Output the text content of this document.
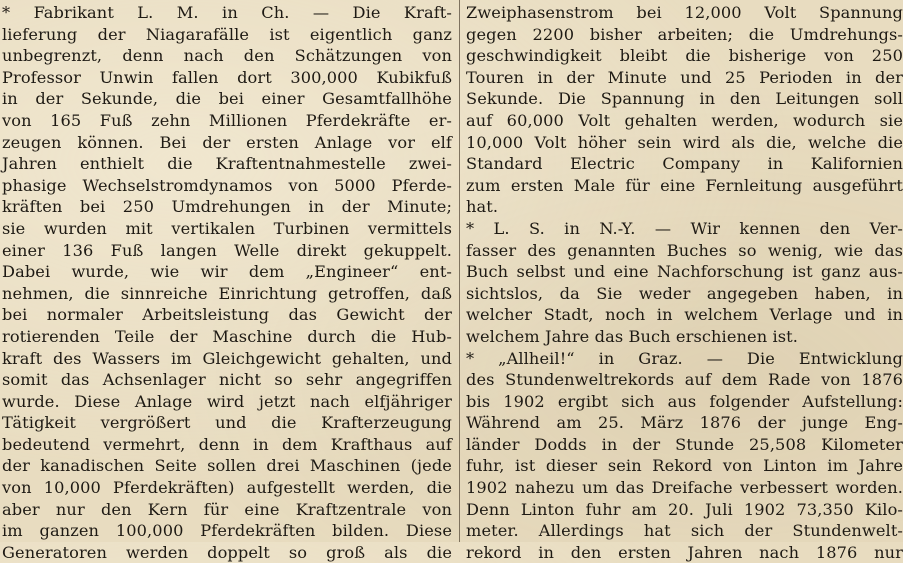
* Fabrikant L. M. in Ch. — Die Kraft-
lieferung der Niagarafälle ist eigentlich ganz
unbegrenzt, denn nach den Schätzungen von
Professor Unwin fallen dort 300,000 Kubikfuß
in der Sekunde, die bei einer Gesamtfallhöhe
von 165 Fuß zehn Millionen Pferdekräfte er-
zeugen können. Bei der ersten Anlage vor elf
Jahren enthielt die Kraftentnahmestelle zwei-
phasige Wechselstromdynamos von 5000 Pferde-
kräften bei 250 Umdrehungen in der Minute;
sie wurden mit vertikalen Turbinen vermittels
einer 136 Fuß langen Welle direkt gekuppelt.
Dabei wurde, wie wir dem „Engineer“ ent-
nehmen, die sinnreiche Einrichtung getroffen, daß
bei normaler Arbeitsleistung das Gewicht der
rotierenden Teile der Maschine durch die Hub-
kraft des Wassers im Gleichgewicht gehalten, und
somit das Achsenlager nicht so sehr angegriffen
wurde. Diese Anlage wird jetzt nach elfjähriger
Tätigkeit vergrößert und die Krafterzeugung
bedeutend vermehrt, denn in dem Krafthaus auf
der kanadischen Seite sollen drei Maschinen (jede
von 10,000 Pferdekräften) aufgestellt werden, die
aber nur den Kern für eine Kraftzentrale von
im ganzen 100,000 Pferdekräften bilden. Diese
Generatoren werden doppelt so groß als die
Zweiphasenstrom bei 12,000 Volt Spannung
gegen 2200 bisher arbeiten; die Umdrehungs-
geschwindigkeit bleibt die bisherige von 250
Touren in der Minute und 25 Perioden in der
Sekunde. Die Spannung in den Leitungen soll
auf 60,000 Volt gehalten werden, wodurch sie
10,000 Volt höher sein wird als die, welche die
Standard Electric Company in Kalifornien
zum ersten Male für eine Fernleitung ausgeführt
hat.
* L. S. in N.-Y. — Wir kennen den Ver-
fasser des genannten Buches so wenig, wie das
Buch selbst und eine Nachforschung ist ganz aus-
sichtslos, da Sie weder angegeben haben, in
welcher Stadt, noch in welchem Verlage und in
welchem Jahre das Buch erschienen ist.
* „Allheil!“ in Graz. — Die Entwicklung
des Stundenweltrekords auf dem Rade von 1876
bis 1902 ergibt sich aus folgender Aufstellung:
Während am 25. März 1876 der junge Eng-
länder Dodds in der Stunde 25,508 Kilometer
fuhr, ist dieser sein Rekord von Linton im Jahre
1902 nahezu um das Dreifache verbessert worden.
Denn Linton fuhr am 20. Juli 1902 73,350 Kilo-
meter. Allerdings hat sich der Stundenwelt-
rekord in den ersten Jahren nach 1876 nur
